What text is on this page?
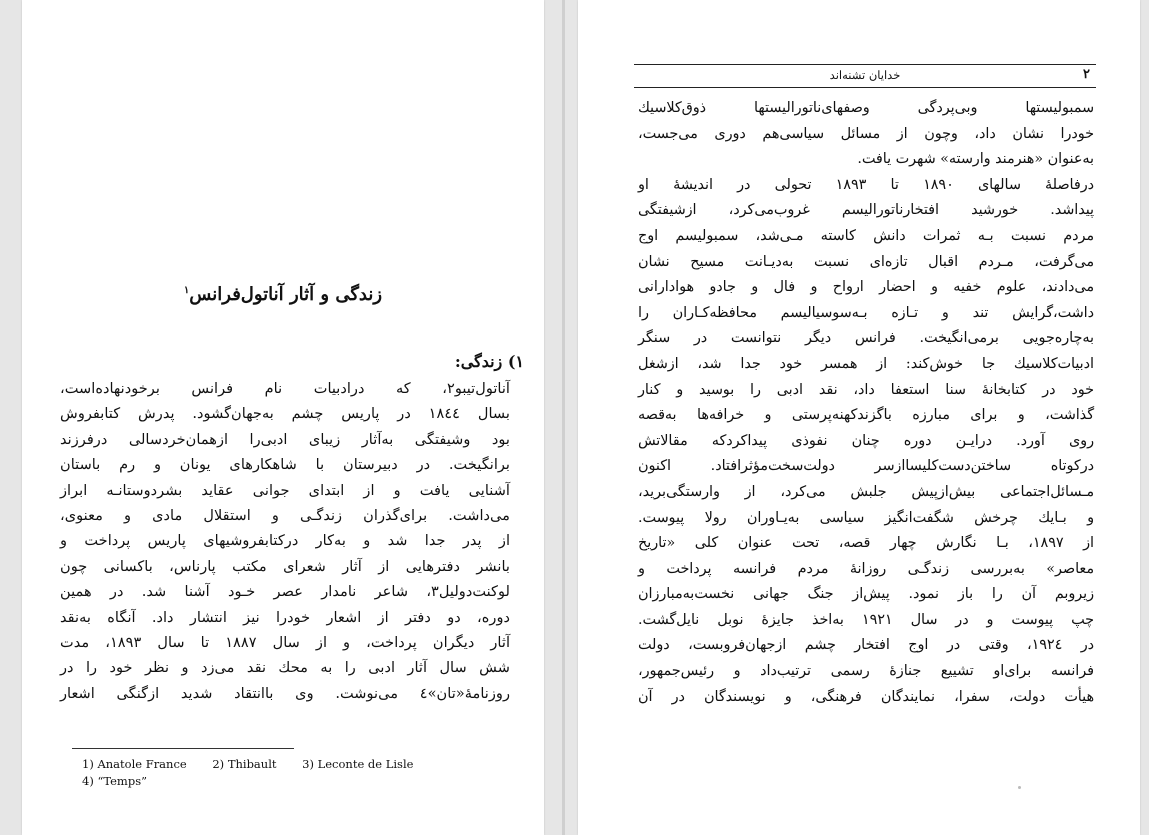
زندگی و آثار آناتول‌فرانس$^۱$
۱) زندگی:
آناتول‌تیبو۲، که درادبیات نام فرانس برخودنهاده‌است،
بسال ۱۸٤٤ در پاریس چشم به‌جهان‌گشود. پدرش کتابفروش
بود وشیفتگی به‌آثار زیبای ادبی‌را ازهمان‌خردسالی درفرزند
برانگیخت. در دبیرستان با شاهکارهای یونان و رم باستان
آشنایی یافت و از ابتدای جوانی عقاید بشردوستانـه ابراز
می‌داشت. برای‌گذران زندگـی و استقلال مادی و معنوی،
از پدر جدا شد و به‌کار درکتابفروشیهای پاریس پرداخت و
بانشر دفترهایی از آثار شعرای مکتب پارناس، باکسانی چون
لوکنت‌دولیل۳، شاعر نامدار عصر خـود آشنا شد. در همین
دوره، دو دفتر از اشعار خودرا نیز انتشار داد. آنگاه به‌نقد
آثار دیگران پرداخت، و از سال ۱۸۸۷ تا سال ۱۸۹۳، مدت
شش سال آثار ادبی را به محك نقد می‌زد و نظر خود را در
روزنامهٔ«تان»٤ می‌نوشت. وی باانتقاد شدید ازگنگی اشعار
1) Anatole France 2) Thibault 3) Leconte de Lisle
4) “Temps”
خدایان تشنه‌اند	۲
سمبولیستها وبی‌پردگی وصفهای‌ناتورالیستها ذوق‌کلاسیك
خودرا نشان داد، وچون از مسائل سیاسی‌هم دوری می‌جست،
به‌عنوان «هنرمند وارسته» شهرت یافت.
درفاصلهٔ سالهای ۱۸۹۰ تا ۱۸۹۳ تحولی در اندیشهٔ او
پیداشد. خورشید افتخارناتورالیسم غروب‌می‌کرد، ازشیفتگی
مردم نسبت بـه ثمرات دانش کاسته مـی‌شد، سمبولیسم اوج
می‌گرفت، مـردم اقبال تازه‌ای نسبت به‌دیـانت مسیح نشان
می‌دادند، علوم خفیه و احضار ارواح و فال و جادو هوادارانی
داشت،گرایش تند و تـازه بـه‌سوسیالیسم محافظه‌کـاران را
به‌چاره‌جویی برمی‌انگیخت. فرانس دیگر نتوانست در سنگر
ادبیات‌کلاسیك جا خوش‌کند: از همسر خود جدا شد، ازشغل
خود در کتابخانهٔ سنا استعفا داد، نقد ادبی را بوسید و کنار
گذاشت، و برای مبارزه باگزندکهنه‌پرستی و خرافه‌ها به‌قصه
روی آورد. درایـن دوره چنان نفوذی پیداکردکه مقالاتش
درکوتاه ساختن‌دست‌کلیساازسر دولت‌سخت‌مؤثرافتاد. اکنون
مـسائل‌اجتماعی بیش‌ازپیش جلبش می‌کرد، از وارستگی‌برید،
و بـایك چرخش شگفت‌انگیز سیاسی به‌یـاوران رولا پیوست.
از ۱۸۹۷، بـا نگارش چهار قصه، تحت عنوان کلی «تاریخ
معاصر» به‌بررسی زندگـی روزانهٔ مردم فرانسه پرداخت و
زیروبم آن را باز نمود. پیش‌از جنگ جهانی نخست‌به‌مبارزان
چپ پیوست و در سال ۱۹۲۱ به‌اخذ جایزهٔ نوبل نایل‌گشت.
در ۱۹۲٤، وقتی در اوج افتخار چشم ازجهان‌فروبست، دولت
فرانسه برای‌او تشییع جنازهٔ رسمی ترتیب‌داد و رئیس‌جمهور،
هیأت دولت، سفرا، نمایندگان فرهنگی، و نویسندگان در آن
